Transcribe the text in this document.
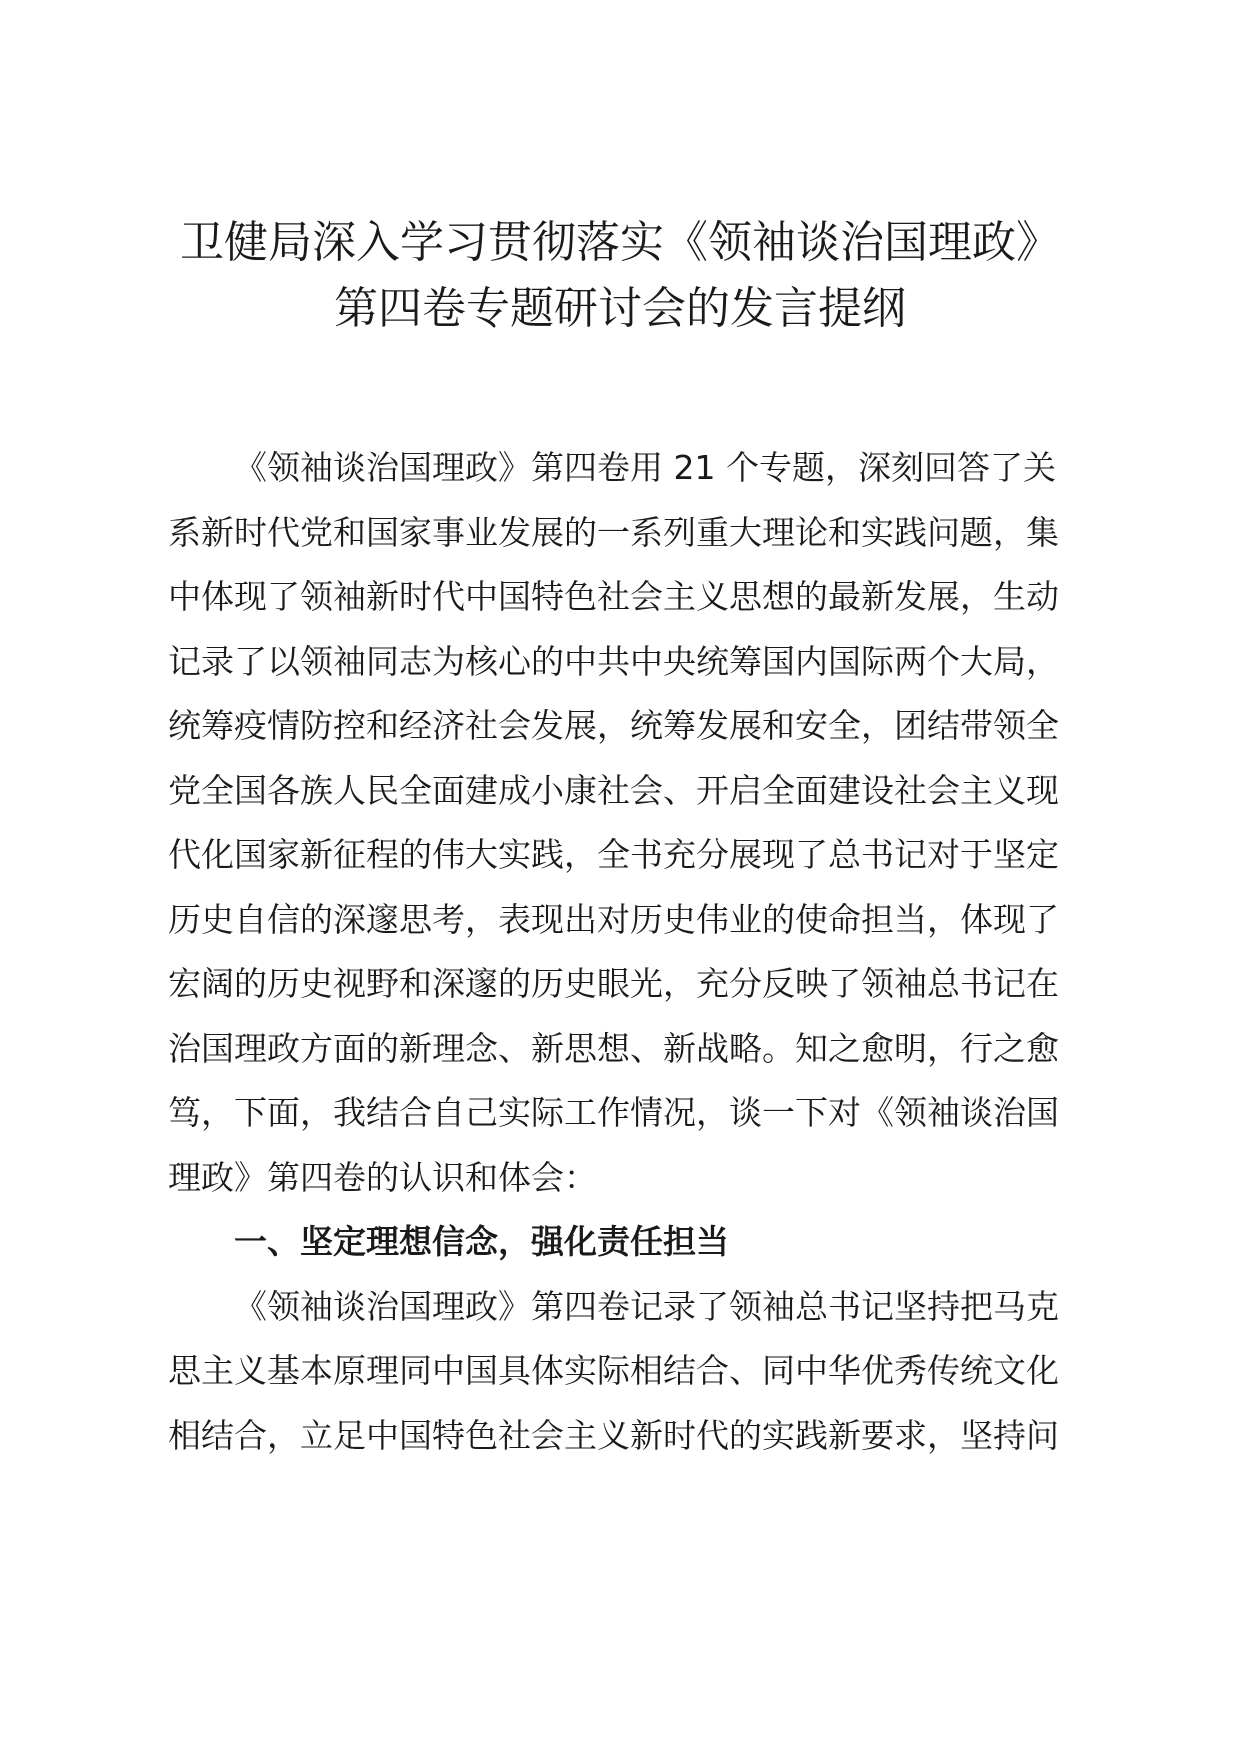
卫健局深入学习贯彻落实《领袖谈治国理政》
第四卷专题研讨会的发言提纲
《领袖谈治国理政》第四卷用 21 个专题，深刻回答了关
系新时代党和国家事业发展的一系列重大理论和实践问题，集
中体现了领袖新时代中国特色社会主义思想的最新发展，生动
记录了以领袖同志为核心的中共中央统筹国内国际两个大局，
统筹疫情防控和经济社会发展，统筹发展和安全，团结带领全
党全国各族人民全面建成小康社会、开启全面建设社会主义现
代化国家新征程的伟大实践，全书充分展现了总书记对于坚定
历史自信的深邃思考，表现出对历史伟业的使命担当，体现了
宏阔的历史视野和深邃的历史眼光，充分反映了领袖总书记在
治国理政方面的新理念、新思想、新战略。知之愈明，行之愈
笃，下面，我结合自己实际工作情况，谈一下对《领袖谈治国
理政》第四卷的认识和体会：
一、坚定理想信念，强化责任担当
《领袖谈治国理政》第四卷记录了领袖总书记坚持把马克
思主义基本原理同中国具体实际相结合、同中华优秀传统文化
相结合，立足中国特色社会主义新时代的实践新要求，坚持问
